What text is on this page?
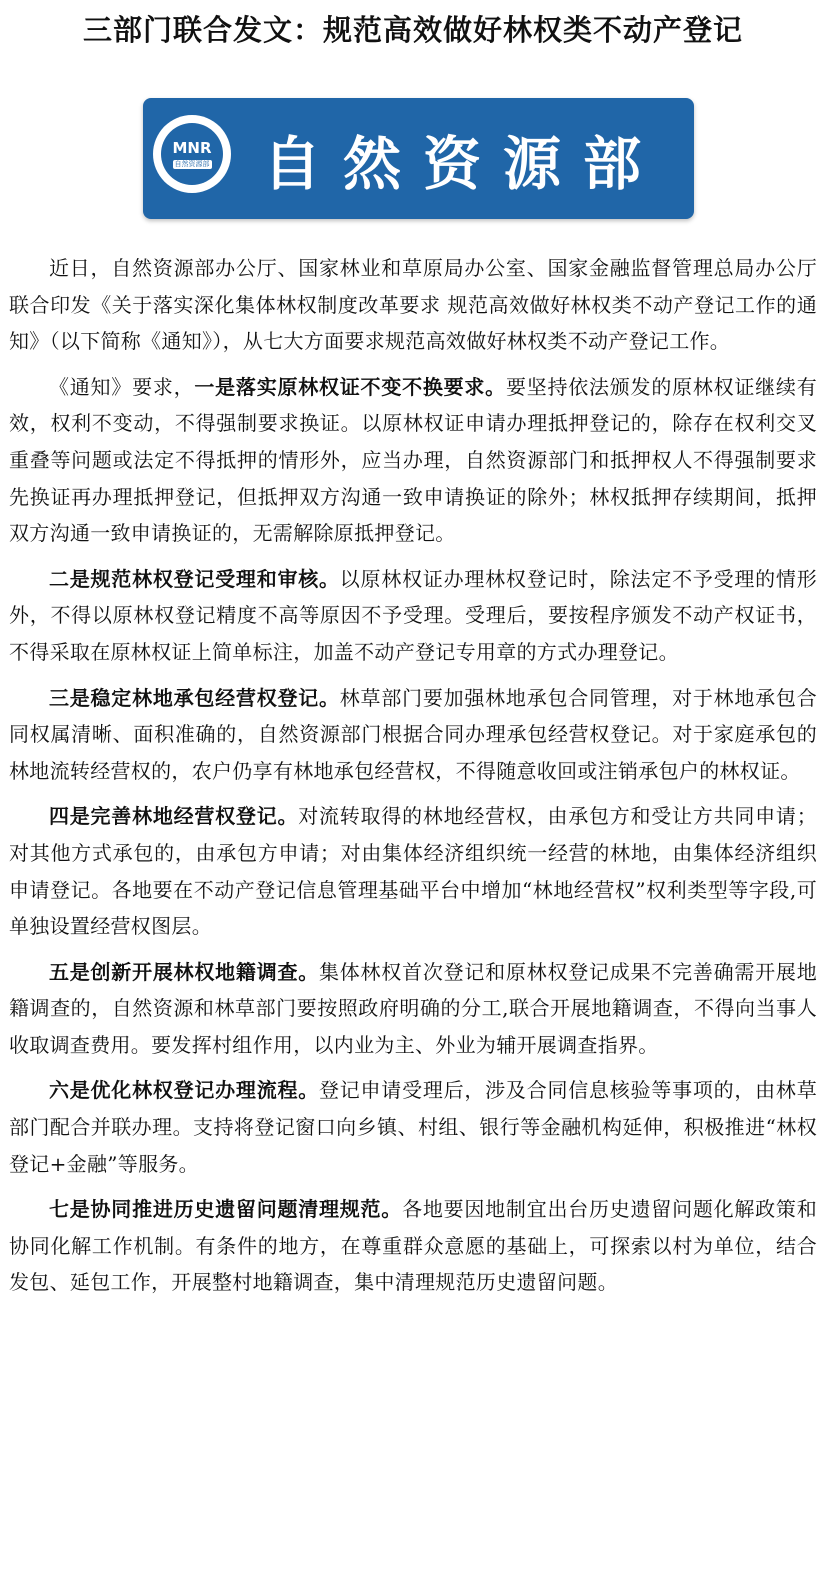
三部门联合发文：规范高效做好林权类不动产登记
MNR
自然资源部 自然资源部

近日，自然资源部办公厅、国家林业和草原局办公室、国家金融监督管理总局办公厅联合印发《关于落实深化集体林权制度改革要求 规范高效做好林权类不动产登记工作的通知》（以下简称《通知》），从七大方面要求规范高效做好林权类不动产登记工作。

《通知》要求，一是落实原林权证不变不换要求。要坚持依法颁发的原林权证继续有效，权利不变动，不得强制要求换证。以原林权证申请办理抵押登记的，除存在权利交叉重叠等问题或法定不得抵押的情形外，应当办理，自然资源部门和抵押权人不得强制要求先换证再办理抵押登记，但抵押双方沟通一致申请换证的除外；林权抵押存续期间，抵押双方沟通一致申请换证的，无需解除原抵押登记。

二是规范林权登记受理和审核。以原林权证办理林权登记时，除法定不予受理的情形外，不得以原林权登记精度不高等原因不予受理。受理后，要按程序颁发不动产权证书，不得采取在原林权证上简单标注，加盖不动产登记专用章的方式办理登记。

三是稳定林地承包经营权登记。林草部门要加强林地承包合同管理，对于林地承包合同权属清晰、面积准确的，自然资源部门根据合同办理承包经营权登记。对于家庭承包的林地流转经营权的，农户仍享有林地承包经营权，不得随意收回或注销承包户的林权证。

四是完善林地经营权登记。对流转取得的林地经营权，由承包方和受让方共同申请；对其他方式承包的，由承包方申请；对由集体经济组织统一经营的林地，由集体经济组织申请登记。各地要在不动产登记信息管理基础平台中增加“林地经营权”权利类型等字段,可单独设置经营权图层。

五是创新开展林权地籍调查。集体林权首次登记和原林权登记成果不完善确需开展地籍调查的，自然资源和林草部门要按照政府明确的分工,联合开展地籍调查，不得向当事人收取调查费用。要发挥村组作用，以内业为主、外业为辅开展调查指界。

六是优化林权登记办理流程。登记申请受理后，涉及合同信息核验等事项的，由林草部门配合并联办理。支持将登记窗口向乡镇、村组、银行等金融机构延伸，积极推进“林权登记+金融”等服务。

七是协同推进历史遗留问题清理规范。各地要因地制宜出台历史遗留问题化解政策和协同化解工作机制。有条件的地方，在尊重群众意愿的基础上，可探索以村为单位，结合发包、延包工作，开展整村地籍调查，集中清理规范历史遗留问题。
